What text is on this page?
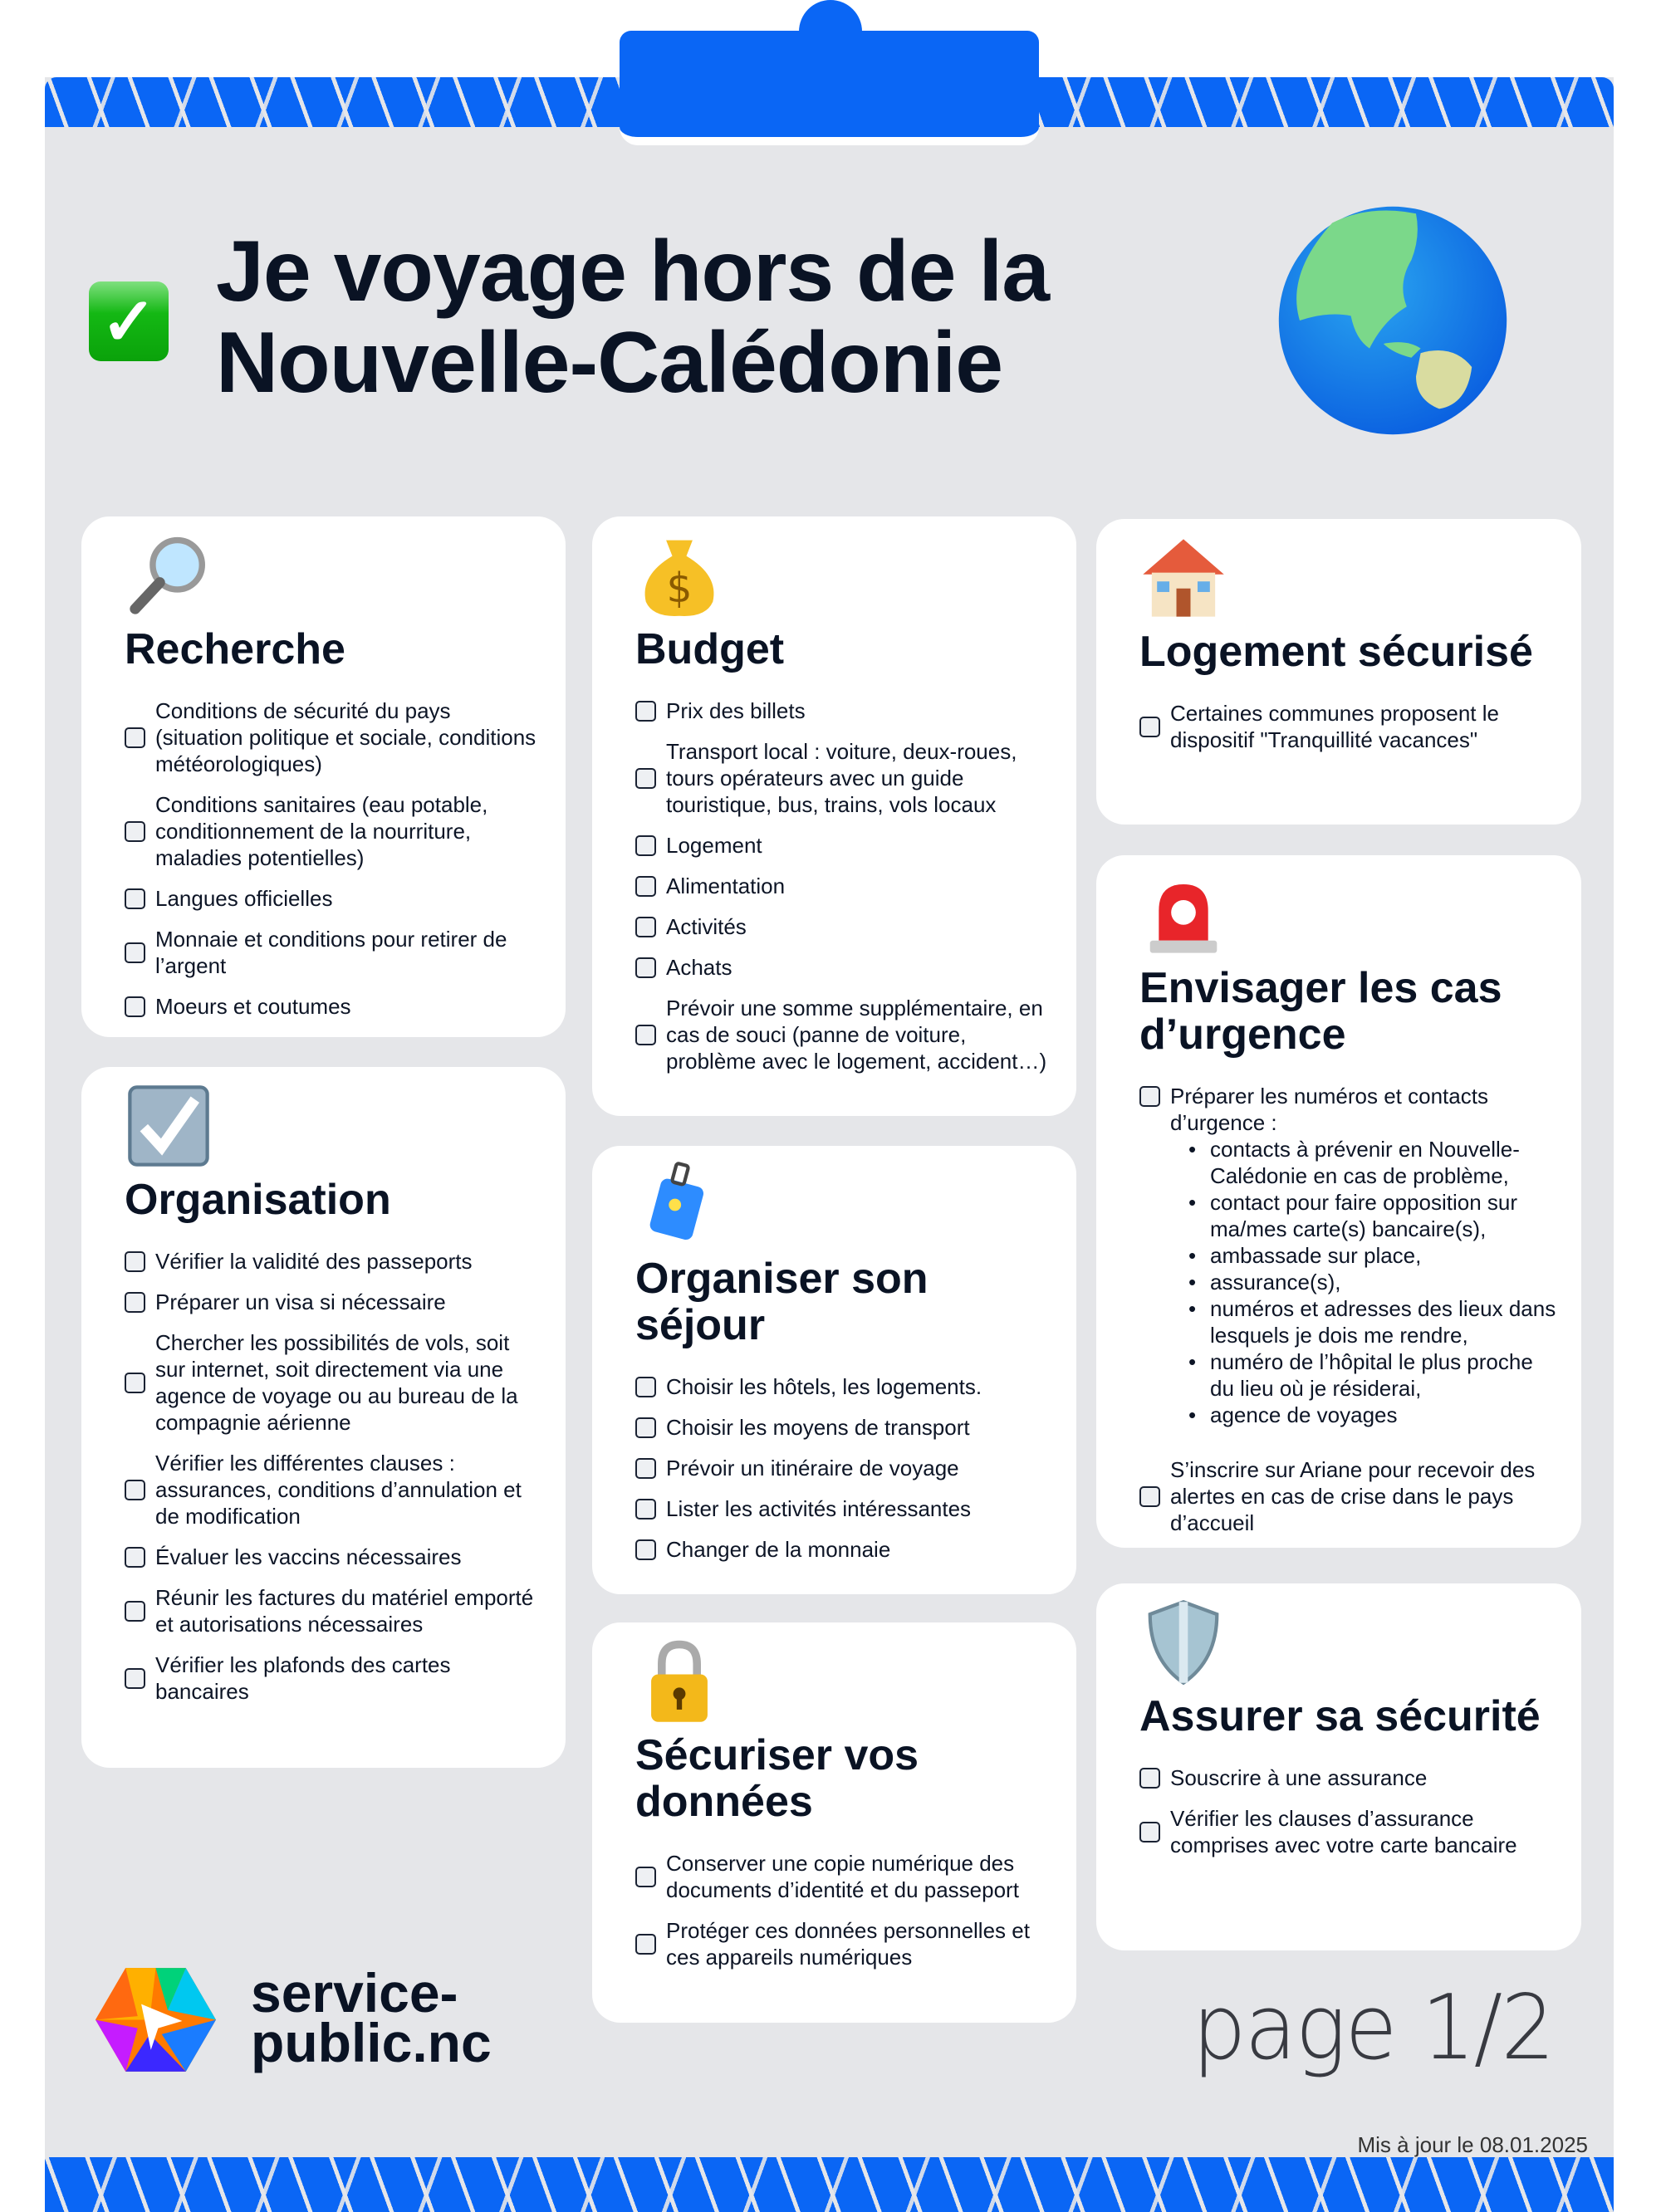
✓
Je voyage hors de la
Nouvelle-Calédonie
Recherche
Conditions de sécurité du pays (situation politique et sociale, conditions météorologiques)
Conditions sanitaires (eau potable, conditionnement de la nourriture, maladies potentielles)
Langues officielles
Monnaie et conditions pour retirer de l’argent
Moeurs et coutumes
Organisation
Vérifier la validité des passeports
Préparer un visa si nécessaire
Chercher les possibilités de vols, soit sur internet, soit directement via une agence de voyage ou au bureau de la compagnie aérienne
Vérifier les différentes clauses : assurances, conditions d’annulation et de modification
Évaluer les vaccins nécessaires
Réunir les factures du matériel emporté et autorisations nécessaires
Vérifier les plafonds des cartes bancaires
$
Budget
Prix des billets
Transport local : voiture, deux-roues, tours opérateurs avec un guide touristique, bus, trains, vols locaux
Logement
Alimentation
Activités
Achats
Prévoir une somme supplémentaire, en cas de souci (panne de voiture, problème avec le logement, accident…)
Organiser son séjour
Choisir les hôtels, les logements.
Choisir les moyens de transport
Prévoir un itinéraire de voyage
Lister les activités intéressantes
Changer de la monnaie
Sécuriser vos données
Conserver une copie numérique des documents d’identité et du passeport
Protéger ces données personnelles et ces appareils numériques
Logement sécurisé
Certaines communes proposent le dispositif "Tranquillité vacances"
Envisager les cas d’urgence
Préparer les numéros et contacts d’urgence :
• contacts à prévenir en Nouvelle-Calédonie en cas de problème,
• contact pour faire opposition sur ma/mes carte(s) bancaire(s),
• ambassade sur place,
• assurance(s),
• numéros et adresses des lieux dans lesquels je dois me rendre,
• numéro de l’hôpital le plus proche du lieu où je résiderai,
• agence de voyages
S’inscrire sur Ariane pour recevoir des alertes en cas de crise dans le pays d’accueil
Assurer sa sécurité
Souscrire à une assurance
Vérifier les clauses d’assurance comprises avec votre carte bancaire
service-
public.nc	page 1/2
Mis à jour le 08.01.2025
